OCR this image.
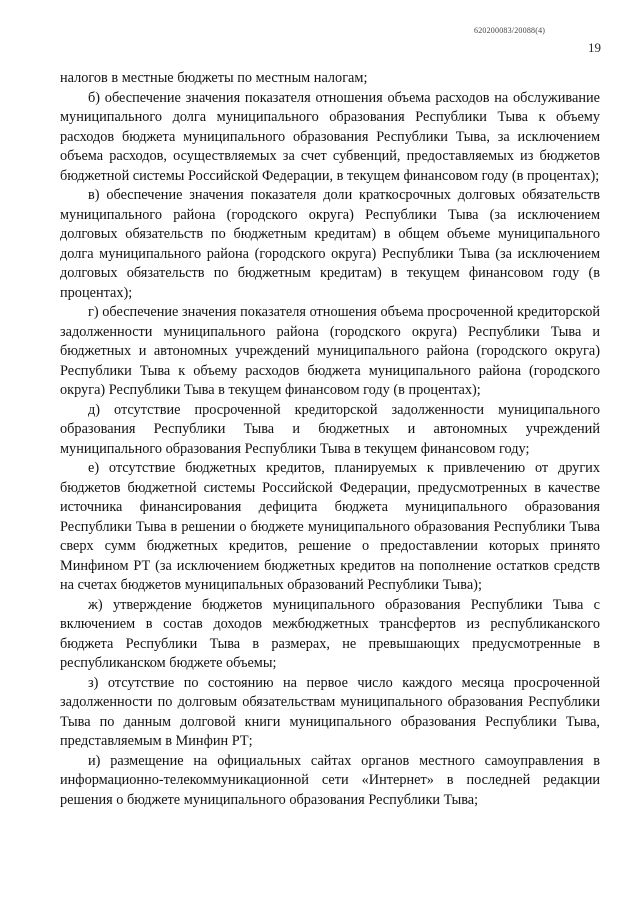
620200083/20088(4)
19

налогов в местные бюджеты по местным налогам;

б) обеспечение значения показателя отношения объема расходов на обслуживание муниципального долга муниципального образования Республики Тыва к объему расходов бюджета муниципального образования Республики Тыва, за исключением объема расходов, осуществляемых за счет субвенций, предоставляемых из бюджетов бюджетной системы Российской Федерации, в текущем финансовом году (в процентах);

в) обеспечение значения показателя доли краткосрочных долговых обязательств муниципального района (городского округа) Республики Тыва (за исключением долговых обязательств по бюджетным кредитам) в общем объеме муниципального долга муниципального района (городского округа) Республики Тыва (за исключением долговых обязательств по бюджетным кредитам) в текущем финансовом году (в процентах);

г) обеспечение значения показателя отношения объема просроченной кредиторской задолженности муниципального района (городского округа) Республики Тыва и бюджетных и автономных учреждений муниципального района (городского округа) Республики Тыва к объему расходов бюджета муниципального района (городского округа) Республики Тыва в текущем финансовом году (в процентах);

д) отсутствие просроченной кредиторской задолженности муниципального образования Республики Тыва и бюджетных и автономных учреждений муниципального образования Республики Тыва в текущем финансовом году;

е) отсутствие бюджетных кредитов, планируемых к привлечению от других бюджетов бюджетной системы Российской Федерации, предусмотренных в качестве источника финансирования дефицита бюджета муниципального образования Республики Тыва в решении о бюджете муниципального образования Республики Тыва сверх сумм бюджетных кредитов, решение о предоставлении которых принято Минфином РТ (за исключением бюджетных кредитов на пополнение остатков средств на счетах бюджетов муниципальных образований Республики Тыва);

ж) утверждение бюджетов муниципального образования Республики Тыва с включением в состав доходов межбюджетных трансфертов из республиканского бюджета Республики Тыва в размерах, не превышающих предусмотренные в республиканском бюджете объемы;

з) отсутствие по состоянию на первое число каждого месяца просроченной задолженности по долговым обязательствам муниципального образования Республики Тыва по данным долговой книги муниципального образования Республики Тыва, представляемым в Минфин РТ;

и) размещение на официальных сайтах органов местного самоуправления в информационно-телекоммуникационной сети «Интернет» в последней редакции решения о бюджете муниципального образования Республики Тыва;
